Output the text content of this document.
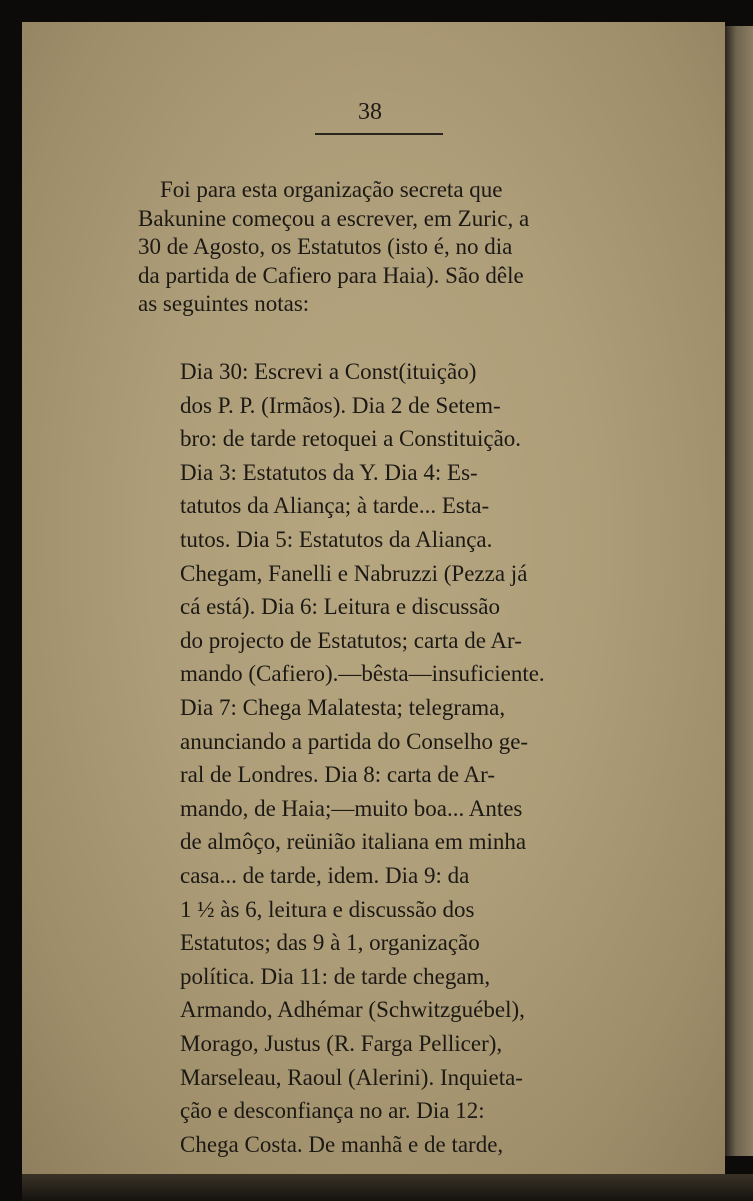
38
Foi para esta organização secreta que
Bakunine começou a escrever, em Zuric, a
30 de Agosto, os Estatutos (isto é, no dia
da partida de Cafiero para Haia). São dêle
as seguintes notas:
Dia 30: Escrevi a Const(ituição)
dos P. P. (Irmãos). Dia 2 de Setem-
bro: de tarde retoquei a Constituição.
Dia 3: Estatutos da Y. Dia 4: Es-
tatutos da Aliança; à tarde... Esta-
tutos. Dia 5: Estatutos da Aliança.
Chegam, Fanelli e Nabruzzi (Pezza já
cá está). Dia 6: Leitura e discussão
do projecto de Estatutos; carta de Ar-
mando (Cafiero).—bêsta—insuficiente.
Dia 7: Chega Malatesta; telegrama,
anunciando a partida do Conselho ge-
ral de Londres. Dia 8: carta de Ar-
mando, de Haia;—muito boa... Antes
de almôço, reünião italiana em minha
casa... de tarde, idem. Dia 9: da
1 ½ às 6, leitura e discussão dos
Estatutos; das 9 à 1, organização
política. Dia 11: de tarde chegam,
Armando, Adhémar (Schwitzguébel),
Morago, Justus (R. Farga Pellicer),
Marseleau, Raoul (Alerini). Inquieta-
ção e desconfiança no ar. Dia 12:
Chega Costa. De manhã e de tarde,
